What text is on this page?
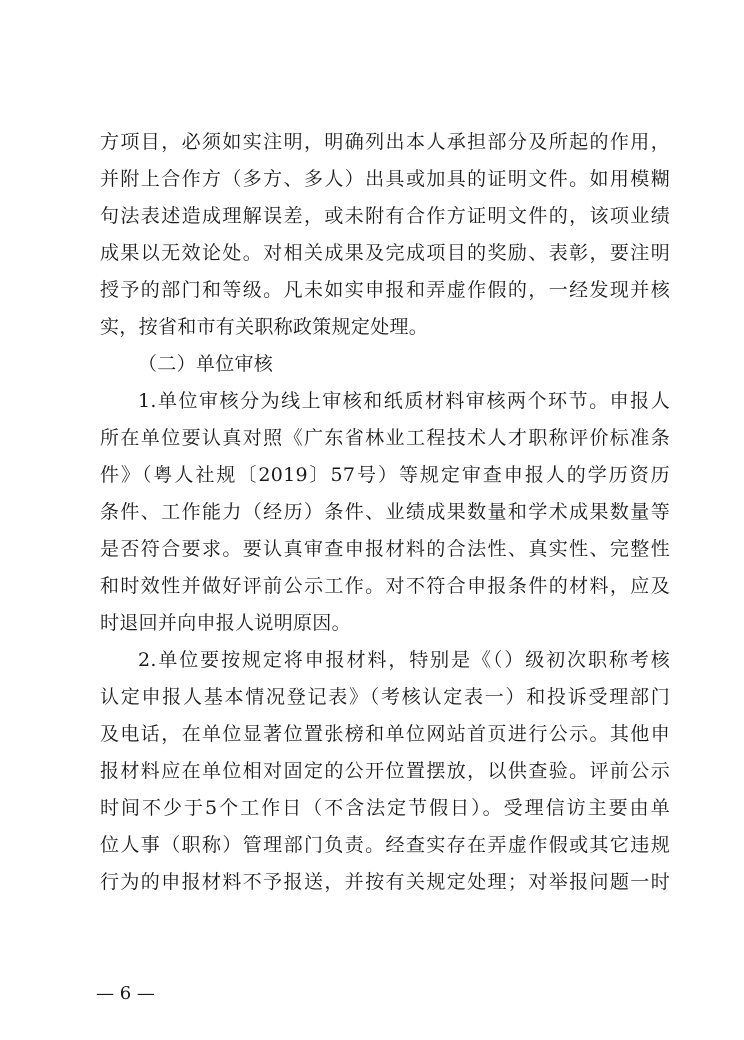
方项目，必须如实注明，明确列出本人承担部分及所起的作用，
并附上合作方（多方、多人）出具或加具的证明文件。如用模糊
句法表述造成理解误差，或未附有合作方证明文件的，该项业绩
成果以无效论处。对相关成果及完成项目的奖励、表彰，要注明
授予的部门和等级。凡未如实申报和弄虚作假的，一经发现并核
实，按省和市有关职称政策规定处理。
（二）单位审核
1.单位审核分为线上审核和纸质材料审核两个环节。申报人
所在单位要认真对照《广东省林业工程技术人才职称评价标准条
件》（粤人社规〔2019〕57号）等规定审查申报人的学历资历
条件、工作能力（经历）条件、业绩成果数量和学术成果数量等
是否符合要求。要认真审查申报材料的合法性、真实性、完整性
和时效性并做好评前公示工作。对不符合申报条件的材料，应及
时退回并向申报人说明原因。
2.单位要按规定将申报材料，特别是《（）级初次职称考核
认定申报人基本情况登记表》（考核认定表一）和投诉受理部门
及电话，在单位显著位置张榜和单位网站首页进行公示。其他申
报材料应在单位相对固定的公开位置摆放，以供查验。评前公示
时间不少于5个工作日（不含法定节假日）。受理信访主要由单
位人事（职称）管理部门负责。经查实存在弄虚作假或其它违规
行为的申报材料不予报送，并按有关规定处理；对举报问题一时
— 6 —
